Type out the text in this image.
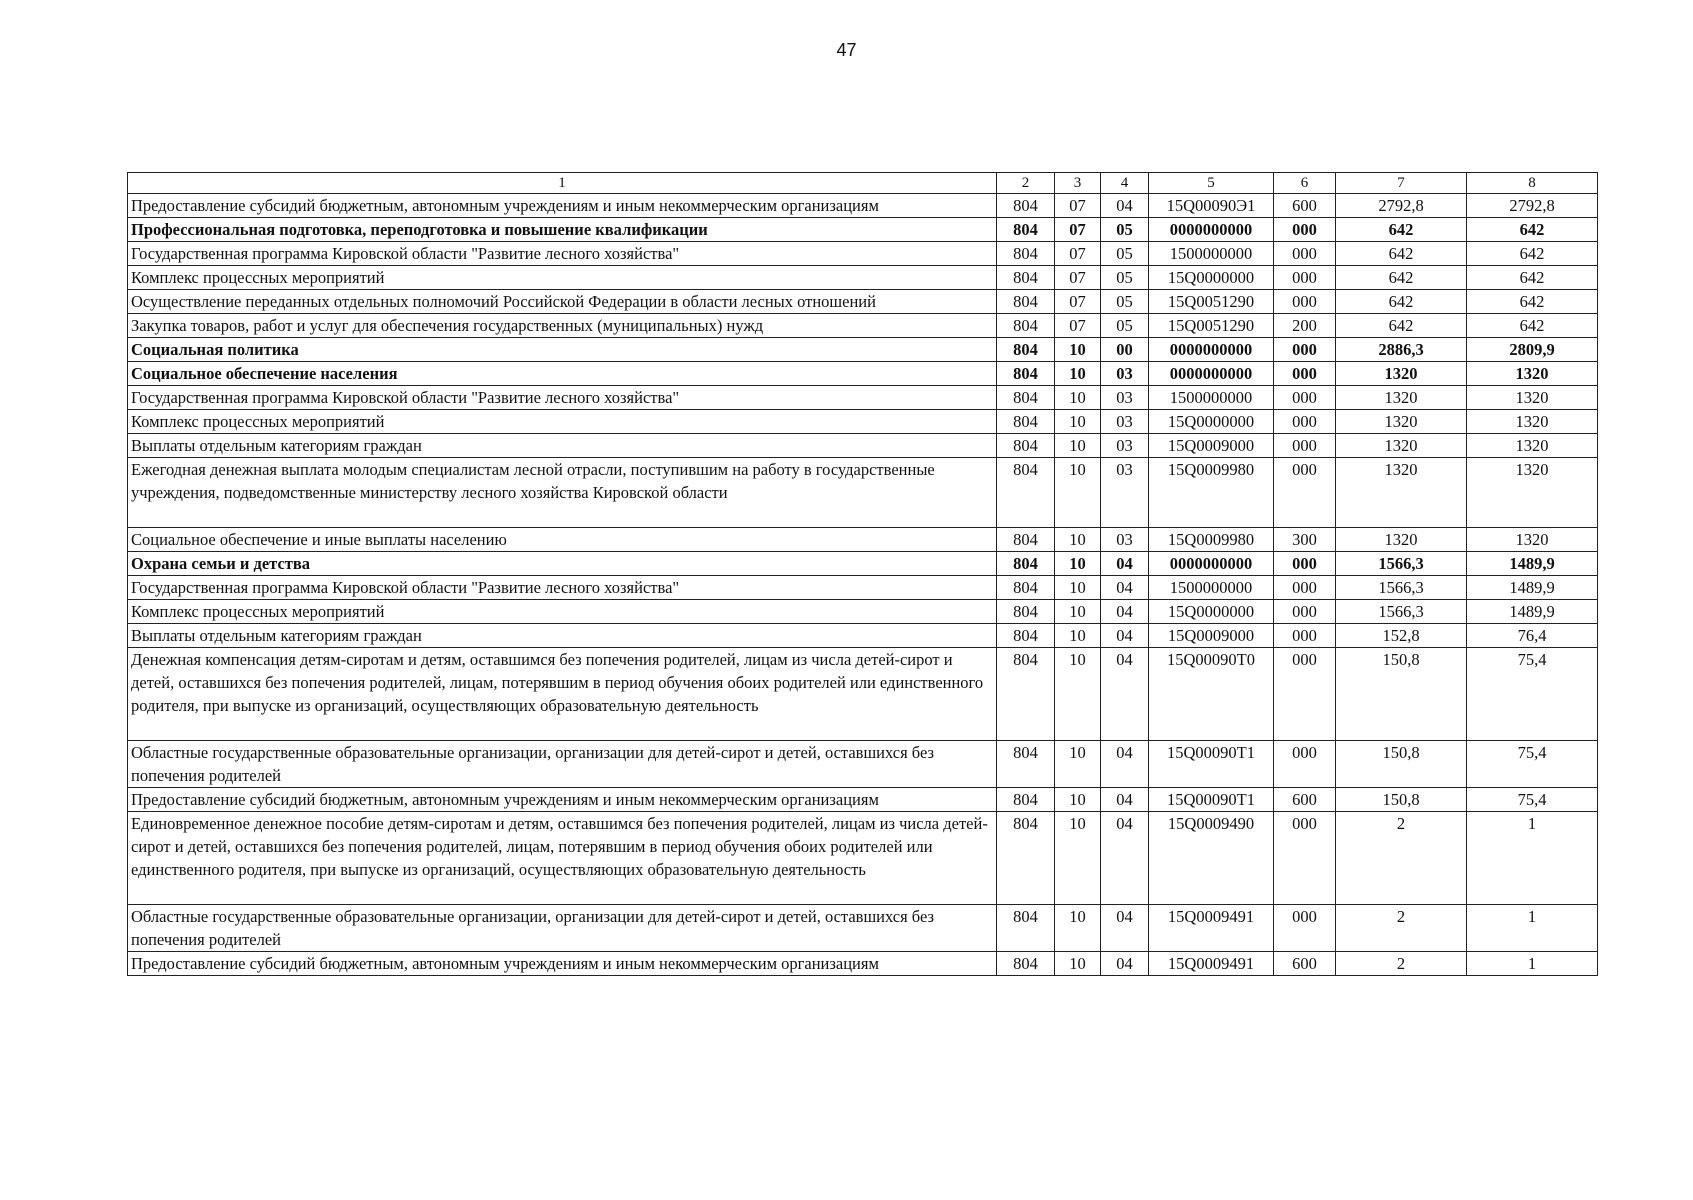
47
1	2	3	4	5	6	7	8
Предоставление субсидий бюджетным, автономным учреждениям и иным некоммерческим организациям	804	07	04	15Q00090Э1	600	2792,8	2792,8
Профессиональная подготовка, переподготовка и повышение квалификации	804	07	05	0000000000	000	642	642
Государственная программа Кировской области "Развитие лесного хозяйства"	804	07	05	1500000000	000	642	642
Комплекс процессных мероприятий	804	07	05	15Q0000000	000	642	642
Осуществление переданных отдельных полномочий Российской Федерации в области лесных отношений	804	07	05	15Q0051290	000	642	642
Закупка товаров, работ и услуг для обеспечения государственных (муниципальных) нужд	804	07	05	15Q0051290	200	642	642
Социальная политика	804	10	00	0000000000	000	2886,3	2809,9
Социальное обеспечение населения	804	10	03	0000000000	000	1320	1320
Государственная программа Кировской области "Развитие лесного хозяйства"	804	10	03	1500000000	000	1320	1320
Комплекс процессных мероприятий	804	10	03	15Q0000000	000	1320	1320
Выплаты отдельным категориям граждан	804	10	03	15Q0009000	000	1320	1320
Ежегодная денежная выплата молодым специалистам лесной отрасли, поступившим на работу в государственные учреждения, подведомственные министерству лесного хозяйства Кировской области	804	10	03	15Q0009980	000	1320	1320
Социальное обеспечение и иные выплаты населению	804	10	03	15Q0009980	300	1320	1320
Охрана семьи и детства	804	10	04	0000000000	000	1566,3	1489,9
Государственная программа Кировской области "Развитие лесного хозяйства"	804	10	04	1500000000	000	1566,3	1489,9
Комплекс процессных мероприятий	804	10	04	15Q0000000	000	1566,3	1489,9
Выплаты отдельным категориям граждан	804	10	04	15Q0009000	000	152,8	76,4
Денежная компенсация детям-сиротам и детям, оставшимся без попечения родителей, лицам из числа детей-сирот и детей, оставшихся без попечения родителей, лицам, потерявшим в период обучения обоих родителей или единственного родителя, при выпуске из организаций, осуществляющих образовательную деятельность	804	10	04	15Q00090T0	000	150,8	75,4
Областные государственные образовательные организации, организации для детей-сирот и детей, оставшихся без попечения родителей	804	10	04	15Q00090T1	000	150,8	75,4
Предоставление субсидий бюджетным, автономным учреждениям и иным некоммерческим организациям	804	10	04	15Q00090T1	600	150,8	75,4
Единовременное денежное пособие детям-сиротам и детям, оставшимся без попечения родителей, лицам из числа детей-сирот и детей, оставшихся без попечения родителей, лицам, потерявшим в период обучения обоих родителей или единственного родителя, при выпуске из организаций, осуществляющих образовательную деятельность	804	10	04	15Q0009490	000	2	1
Областные государственные образовательные организации, организации для детей-сирот и детей, оставшихся без попечения родителей	804	10	04	15Q0009491	000	2	1
Предоставление субсидий бюджетным, автономным учреждениям и иным некоммерческим организациям	804	10	04	15Q0009491	600	2	1
